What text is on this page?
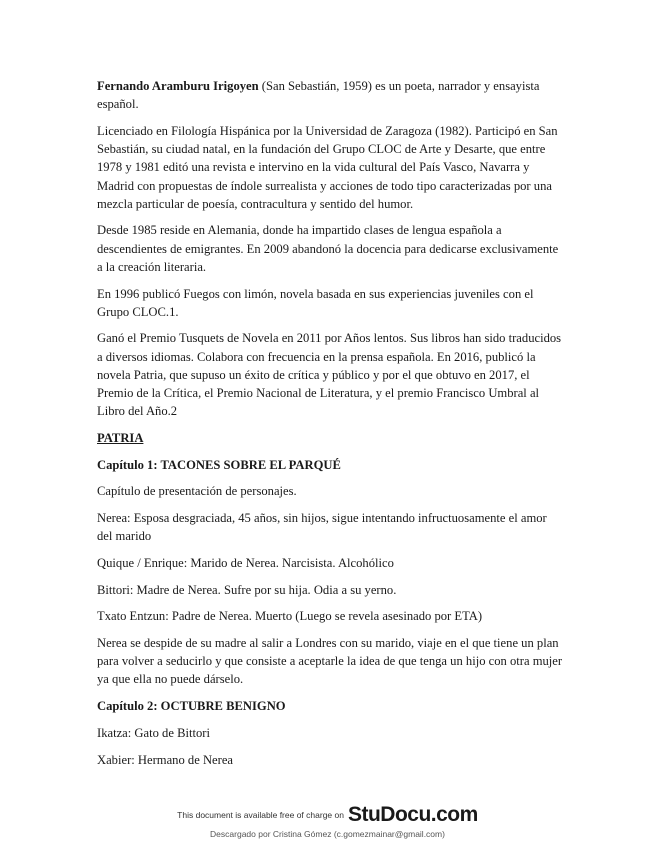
Fernando Aramburu Irigoyen (San Sebastián, 1959) es un poeta, narrador y ensayista español.

Licenciado en Filología Hispánica por la Universidad de Zaragoza (1982). Participó en San Sebastián, su ciudad natal, en la fundación del Grupo CLOC de Arte y Desarte, que entre 1978 y 1981 editó una revista e intervino en la vida cultural del País Vasco, Navarra y Madrid con propuestas de índole surrealista y acciones de todo tipo caracterizadas por una mezcla particular de poesía, contracultura y sentido del humor.

Desde 1985 reside en Alemania, donde ha impartido clases de lengua española a descendientes de emigrantes. En 2009 abandonó la docencia para dedicarse exclusivamente a la creación literaria.

En 1996 publicó Fuegos con limón, novela basada en sus experiencias juveniles con el Grupo CLOC.1.

Ganó el Premio Tusquets de Novela en 2011 por Años lentos. Sus libros han sido traducidos a diversos idiomas. Colabora con frecuencia en la prensa española. En 2016, publicó la novela Patria, que supuso un éxito de crítica y público y por el que obtuvo en 2017, el Premio de la Crítica, el Premio Nacional de Literatura, y el premio Francisco Umbral al Libro del Año.2

PATRIA

Capítulo 1: TACONES SOBRE EL PARQUÉ

Capítulo de presentación de personajes.

Nerea: Esposa desgraciada, 45 años, sin hijos, sigue intentando infructuosamente el amor del marido

Quique / Enrique: Marido de Nerea. Narcisista. Alcohólico

Bittori: Madre de Nerea. Sufre por su hija. Odia a su yerno.

Txato Entzun: Padre de Nerea. Muerto (Luego se revela asesinado por ETA)

Nerea se despide de su madre al salir a Londres con su marido, viaje en el que tiene un plan para volver a seducirlo y que consiste a aceptarle la idea de que tenga un hijo con otra mujer ya que ella no puede dárselo.

Capítulo 2: OCTUBRE BENIGNO

Ikatza: Gato de Bittori

Xabier: Hermano de Nerea

This document is available free of charge on StuDocu.com
Descargado por Cristina Gómez (c.gomezmainar@gmail.com)
